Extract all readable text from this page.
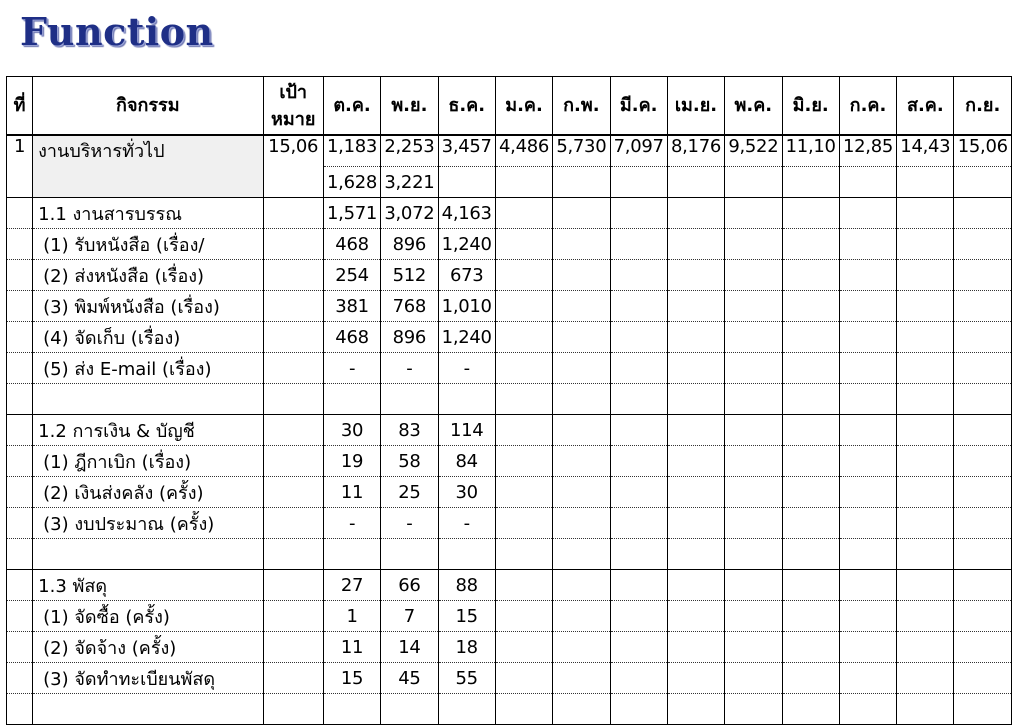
Function
ที่	กิจกรรม	เป้าหมาย	ต.ค.	พ.ย.	ธ.ค.	ม.ค.	ก.พ.	มี.ค.	เม.ย.	พ.ค.	มิ.ย.	ก.ค.	ส.ค.	ก.ย.
1	งานบริหารทั่วไป	15,06	1,183	2,253	3,457	4,486	5,730	7,097	8,176	9,522	11,10	12,85	14,43	15,06
			1,628	3,221										
	1.1 งานสารบรรณ		1,571	3,072	4,163									
	(1) รับหนังสือ (เรื่อง/		468	896	1,240									
	(2) ส่งหนังสือ (เรื่อง)		254	512	673									
	(3) พิมพ์หนังสือ (เรื่อง)		381	768	1,010									
	(4) จัดเก็บ (เรื่อง)		468	896	1,240									
	(5) ส่ง E-mail (เรื่อง)		-	-	-									

	1.2 การเงิน & บัญชี		30	83	114									
	(1) ฎีกาเบิก (เรื่อง)		19	58	84									
	(2) เงินส่งคลัง (ครั้ง)		11	25	30									
	(3) งบประมาณ (ครั้ง)		-	-	-									

	1.3 พัสดุ		27	66	88									
	(1) จัดซื้อ (ครั้ง)		1	7	15									
	(2) จัดจ้าง (ครั้ง)		11	14	18									
	(3) จัดทำทะเบียนพัสดุ		15	45	55									
